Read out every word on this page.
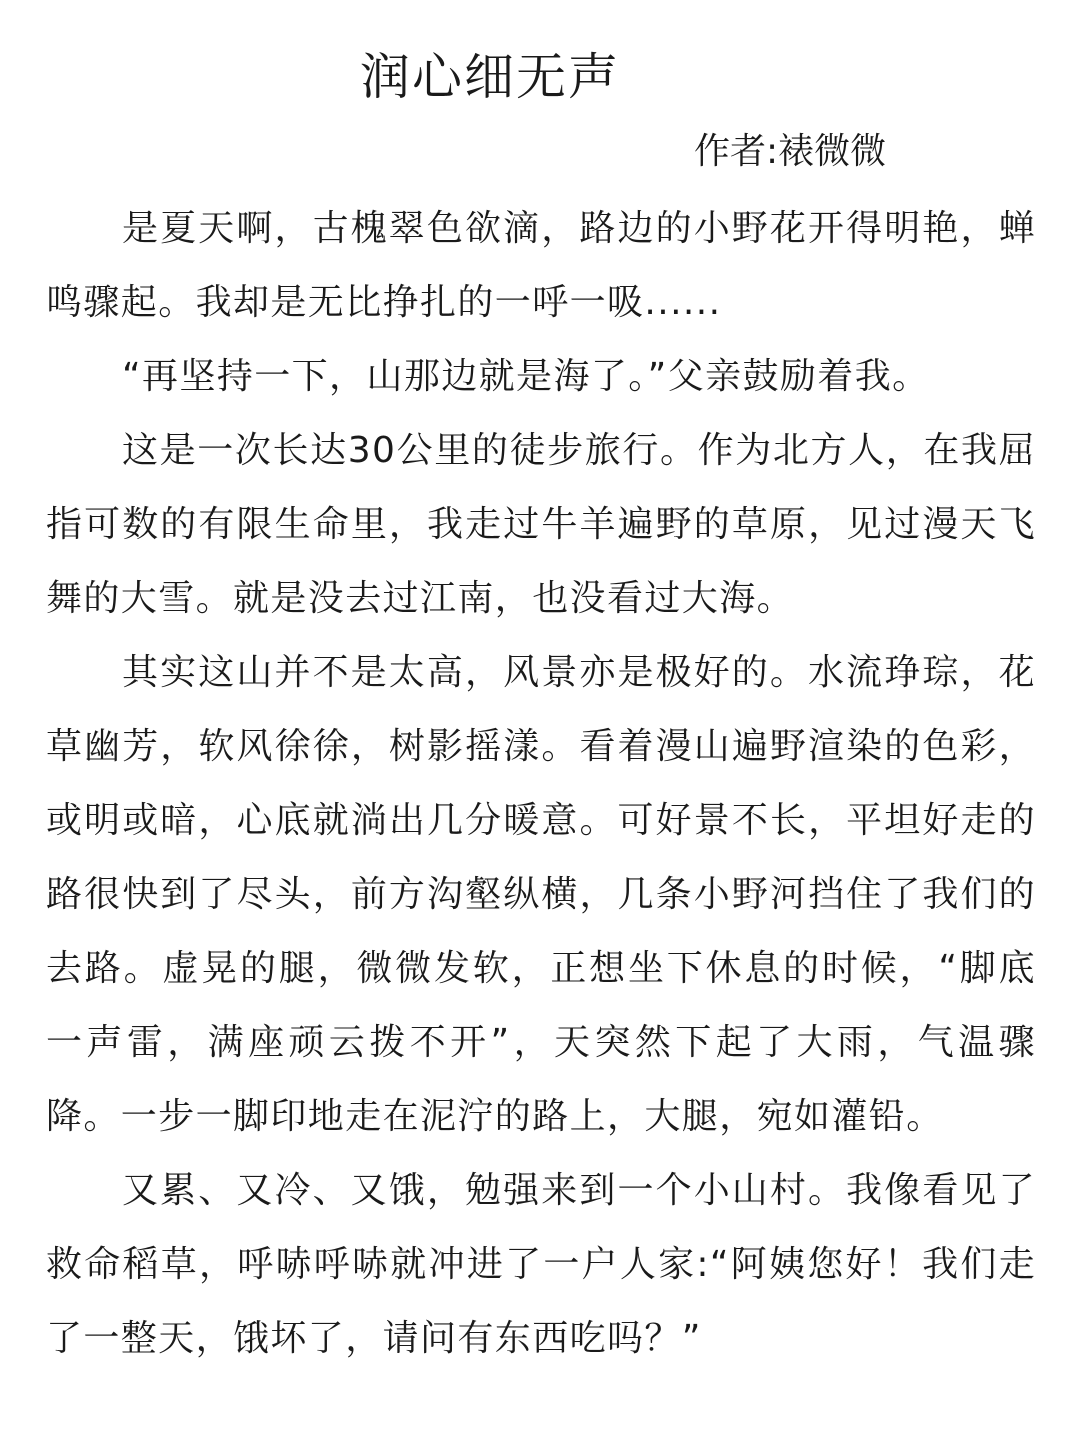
润心细无声
作者:裱微微

是夏天啊，古槐翠色欲滴，路边的小野花开得明艳，蝉鸣骤起。我却是无比挣扎的一呼一吸......

“再坚持一下，山那边就是海了。”父亲鼓励着我。

这是一次长达30公里的徒步旅行。作为北方人，在我屈指可数的有限生命里，我走过牛羊遍野的草原，见过漫天飞舞的大雪。就是没去过江南，也没看过大海。

其实这山并不是太高，风景亦是极好的。水流琤琮，花草幽芳，软风徐徐，树影摇漾。看着漫山遍野渲染的色彩，或明或暗，心底就淌出几分暖意。可好景不长，平坦好走的路很快到了尽头，前方沟壑纵横，几条小野河挡住了我们的去路。虚晃的腿，微微发软，正想坐下休息的时候，“脚底一声雷，满座顽云拨不开”，天突然下起了大雨，气温骤降。一步一脚印地走在泥泞的路上，大腿，宛如灌铅。

又累、又冷、又饿，勉强来到一个小山村。我像看见了救命稻草，呼哧呼哧就冲进了一户人家:“阿姨您好！我们走了一整天，饿坏了，请问有东西吃吗？”
